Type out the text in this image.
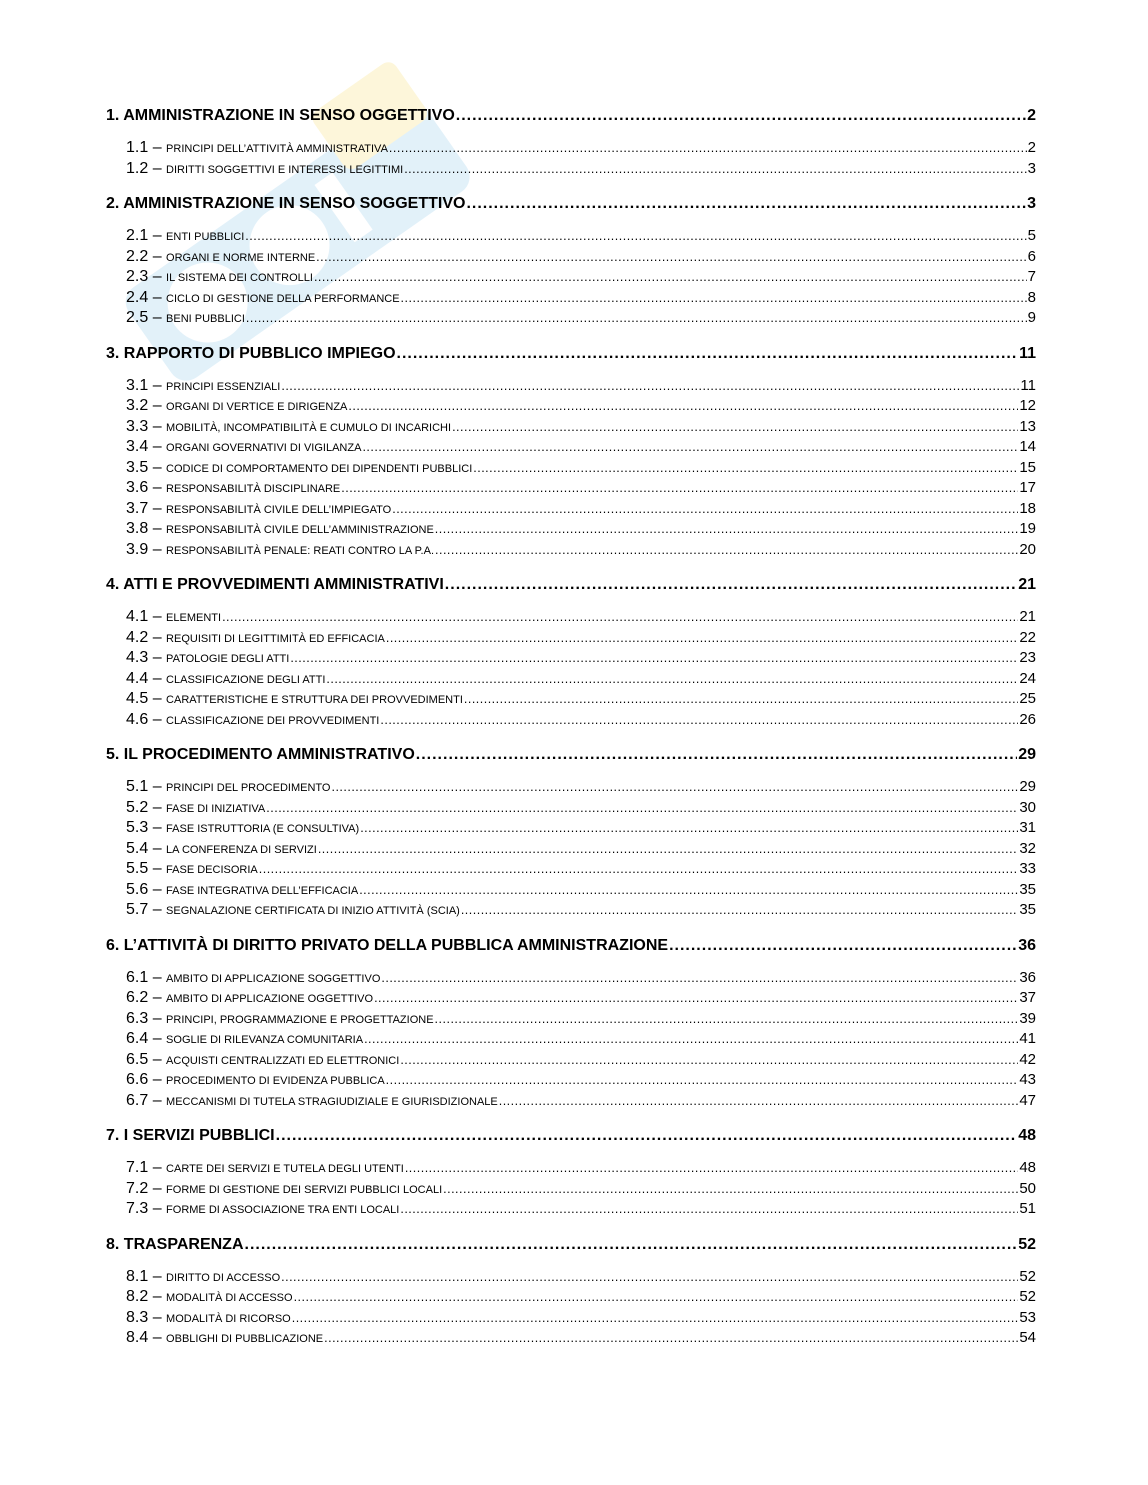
1. AMMINISTRAZIONE IN SENSO OGGETTIVO .....	2
1.1 – PRINCIPI DELL’ATTIVITÀ AMMINISTRATIVA .....	2
1.2 – DIRITTI SOGGETTIVI E INTERESSI LEGITTIMI .....	3
2. AMMINISTRAZIONE IN SENSO SOGGETTIVO .....	3
2.1 – ENTI PUBBLICI .....	5
2.2 – ORGANI E NORME INTERNE .....	6
2.3 – IL SISTEMA DEI CONTROLLI .....	7
2.4 – CICLO DI GESTIONE DELLA PERFORMANCE .....	8
2.5 – BENI PUBBLICI .....	9
3. RAPPORTO DI PUBBLICO IMPIEGO .....	11
3.1 – PRINCIPI ESSENZIALI .....	11
3.2 – ORGANI DI VERTICE E DIRIGENZA .....	12
3.3 – MOBILITÀ, INCOMPATIBILITÀ E CUMULO DI INCARICHI .....	13
3.4 – ORGANI GOVERNATIVI DI VIGILANZA .....	14
3.5 – CODICE DI COMPORTAMENTO DEI DIPENDENTI PUBBLICI .....	15
3.6 – RESPONSABILITÀ DISCIPLINARE .....	17
3.7 – RESPONSABILITÀ CIVILE DELL’IMPIEGATO .....	18
3.8 – RESPONSABILITÀ CIVILE DELL’AMMINISTRAZIONE .....	19
3.9 – RESPONSABILITÀ PENALE: REATI CONTRO LA P.A. .....	20
4. ATTI E PROVVEDIMENTI AMMINISTRATIVI .....	21
4.1 – ELEMENTI .....	21
4.2 – REQUISITI DI LEGITTIMITÀ ED EFFICACIA .....	22
4.3 – PATOLOGIE DEGLI ATTI .....	23
4.4 – CLASSIFICAZIONE DEGLI ATTI .....	24
4.5 – CARATTERISTICHE E STRUTTURA DEI PROVVEDIMENTI .....	25
4.6 – CLASSIFICAZIONE DEI PROVVEDIMENTI .....	26
5. IL PROCEDIMENTO AMMINISTRATIVO .....	29
5.1 – PRINCIPI DEL PROCEDIMENTO .....	29
5.2 – FASE DI INIZIATIVA .....	30
5.3 – FASE ISTRUTTORIA (E CONSULTIVA) .....	31
5.4 – LA CONFERENZA DI SERVIZI .....	32
5.5 – FASE DECISORIA .....	33
5.6 – FASE INTEGRATIVA DELL’EFFICACIA .....	35
5.7 – SEGNALAZIONE CERTIFICATA DI INIZIO ATTIVITÀ (SCIA) .....	35
6. L’ATTIVITÀ DI DIRITTO PRIVATO DELLA PUBBLICA AMMINISTRAZIONE .....	36
6.1 – AMBITO DI APPLICAZIONE SOGGETTIVO .....	36
6.2 – AMBITO DI APPLICAZIONE OGGETTIVO .....	37
6.3 – PRINCIPI, PROGRAMMAZIONE E PROGETTAZIONE .....	39
6.4 – SOGLIE DI RILEVANZA COMUNITARIA .....	41
6.5 – ACQUISTI CENTRALIZZATI ED ELETTRONICI .....	42
6.6 – PROCEDIMENTO DI EVIDENZA PUBBLICA .....	43
6.7 – MECCANISMI DI TUTELA STRAGIUDIZIALE E GIURISDIZIONALE .....	47
7. I SERVIZI PUBBLICI .....	48
7.1 – CARTE DEI SERVIZI E TUTELA DEGLI UTENTI .....	48
7.2 – FORME DI GESTIONE DEI SERVIZI PUBBLICI LOCALI .....	50
7.3 – FORME DI ASSOCIAZIONE TRA ENTI LOCALI .....	51
8. TRASPARENZA .....	52
8.1 – DIRITTO DI ACCESSO .....	52
8.2 – MODALITÀ DI ACCESSO .....	52
8.3 – MODALITÀ DI RICORSO .....	53
8.4 – OBBLIGHI DI PUBBLICAZIONE .....	54
